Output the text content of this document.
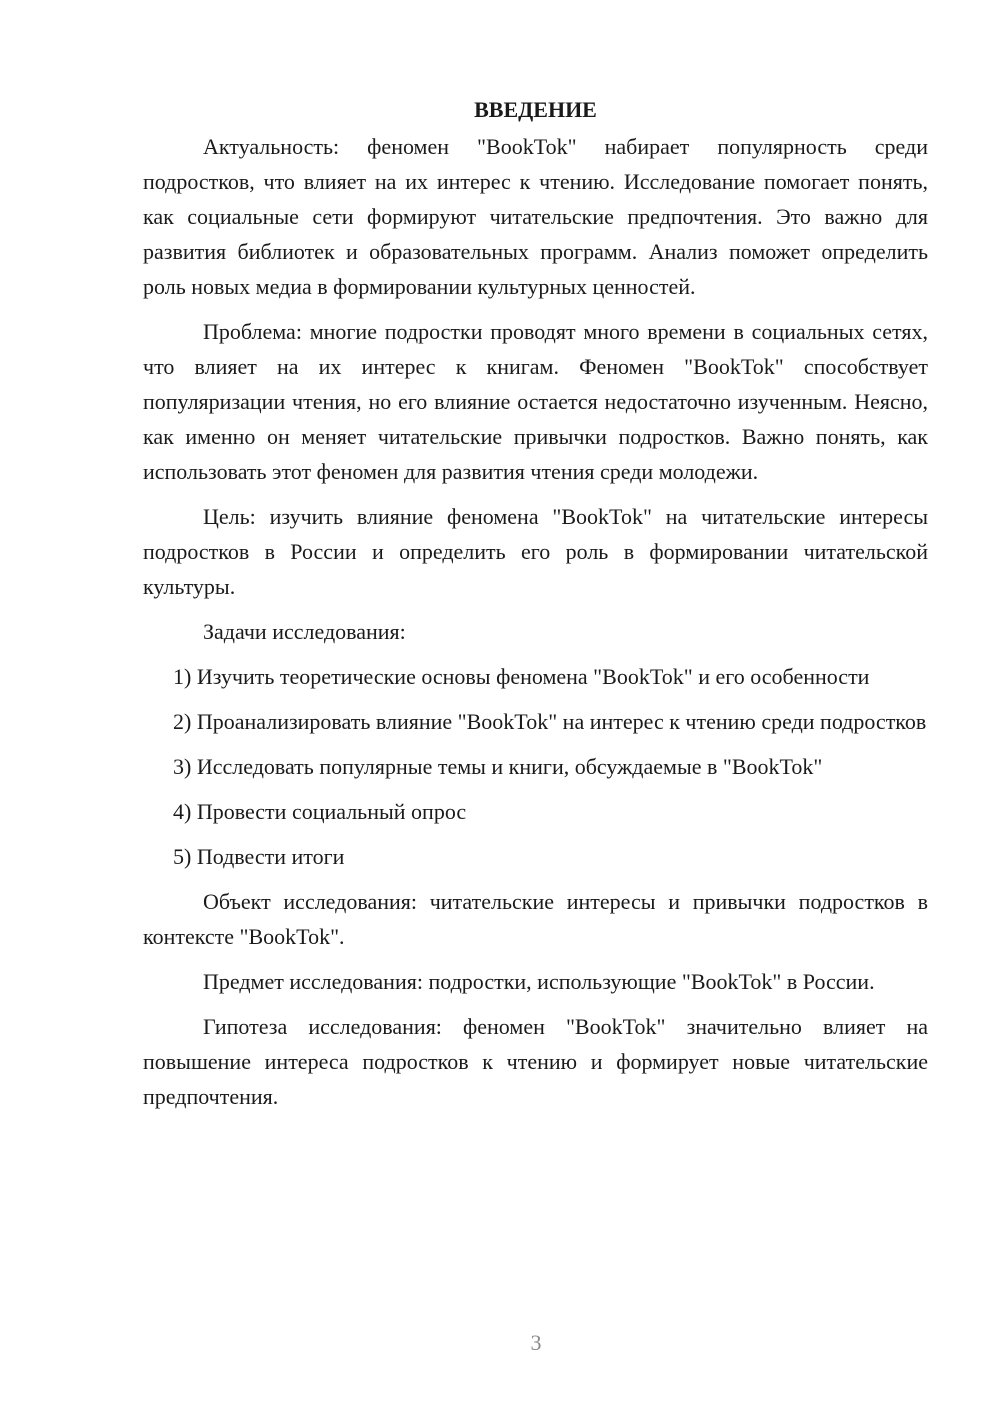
ВВЕДЕНИЕ

Актуальность: феномен "BookTok" набирает популярность среди подростков, что влияет на их интерес к чтению. Исследование помогает понять, как социальные сети формируют читательские предпочтения. Это важно для развития библиотек и образовательных программ. Анализ поможет определить роль новых медиа в формировании культурных ценностей.

Проблема: многие подростки проводят много времени в социальных сетях, что влияет на их интерес к книгам. Феномен "BookTok" способствует популяризации чтения, но его влияние остается недостаточно изученным. Неясно, как именно он меняет читательские привычки подростков. Важно понять, как использовать этот феномен для развития чтения среди молодежи.

Цель: изучить влияние феномена "BookTok" на читательские интересы подростков в России и определить его роль в формировании читательской культуры.

Задачи исследования:

1) Изучить теоретические основы феномена "BookTok" и его особенности

2) Проанализировать влияние "BookTok" на интерес к чтению среди подростков

3) Исследовать популярные темы и книги, обсуждаемые в "BookTok"

4) Провести социальный опрос

5) Подвести итоги

Объект исследования: читательские интересы и привычки подростков в контексте "BookTok".

Предмет исследования: подростки, использующие "BookTok" в России.

Гипотеза исследования: феномен "BookTok" значительно влияет на повышение интереса подростков к чтению и формирует новые читательские предпочтения.

3
